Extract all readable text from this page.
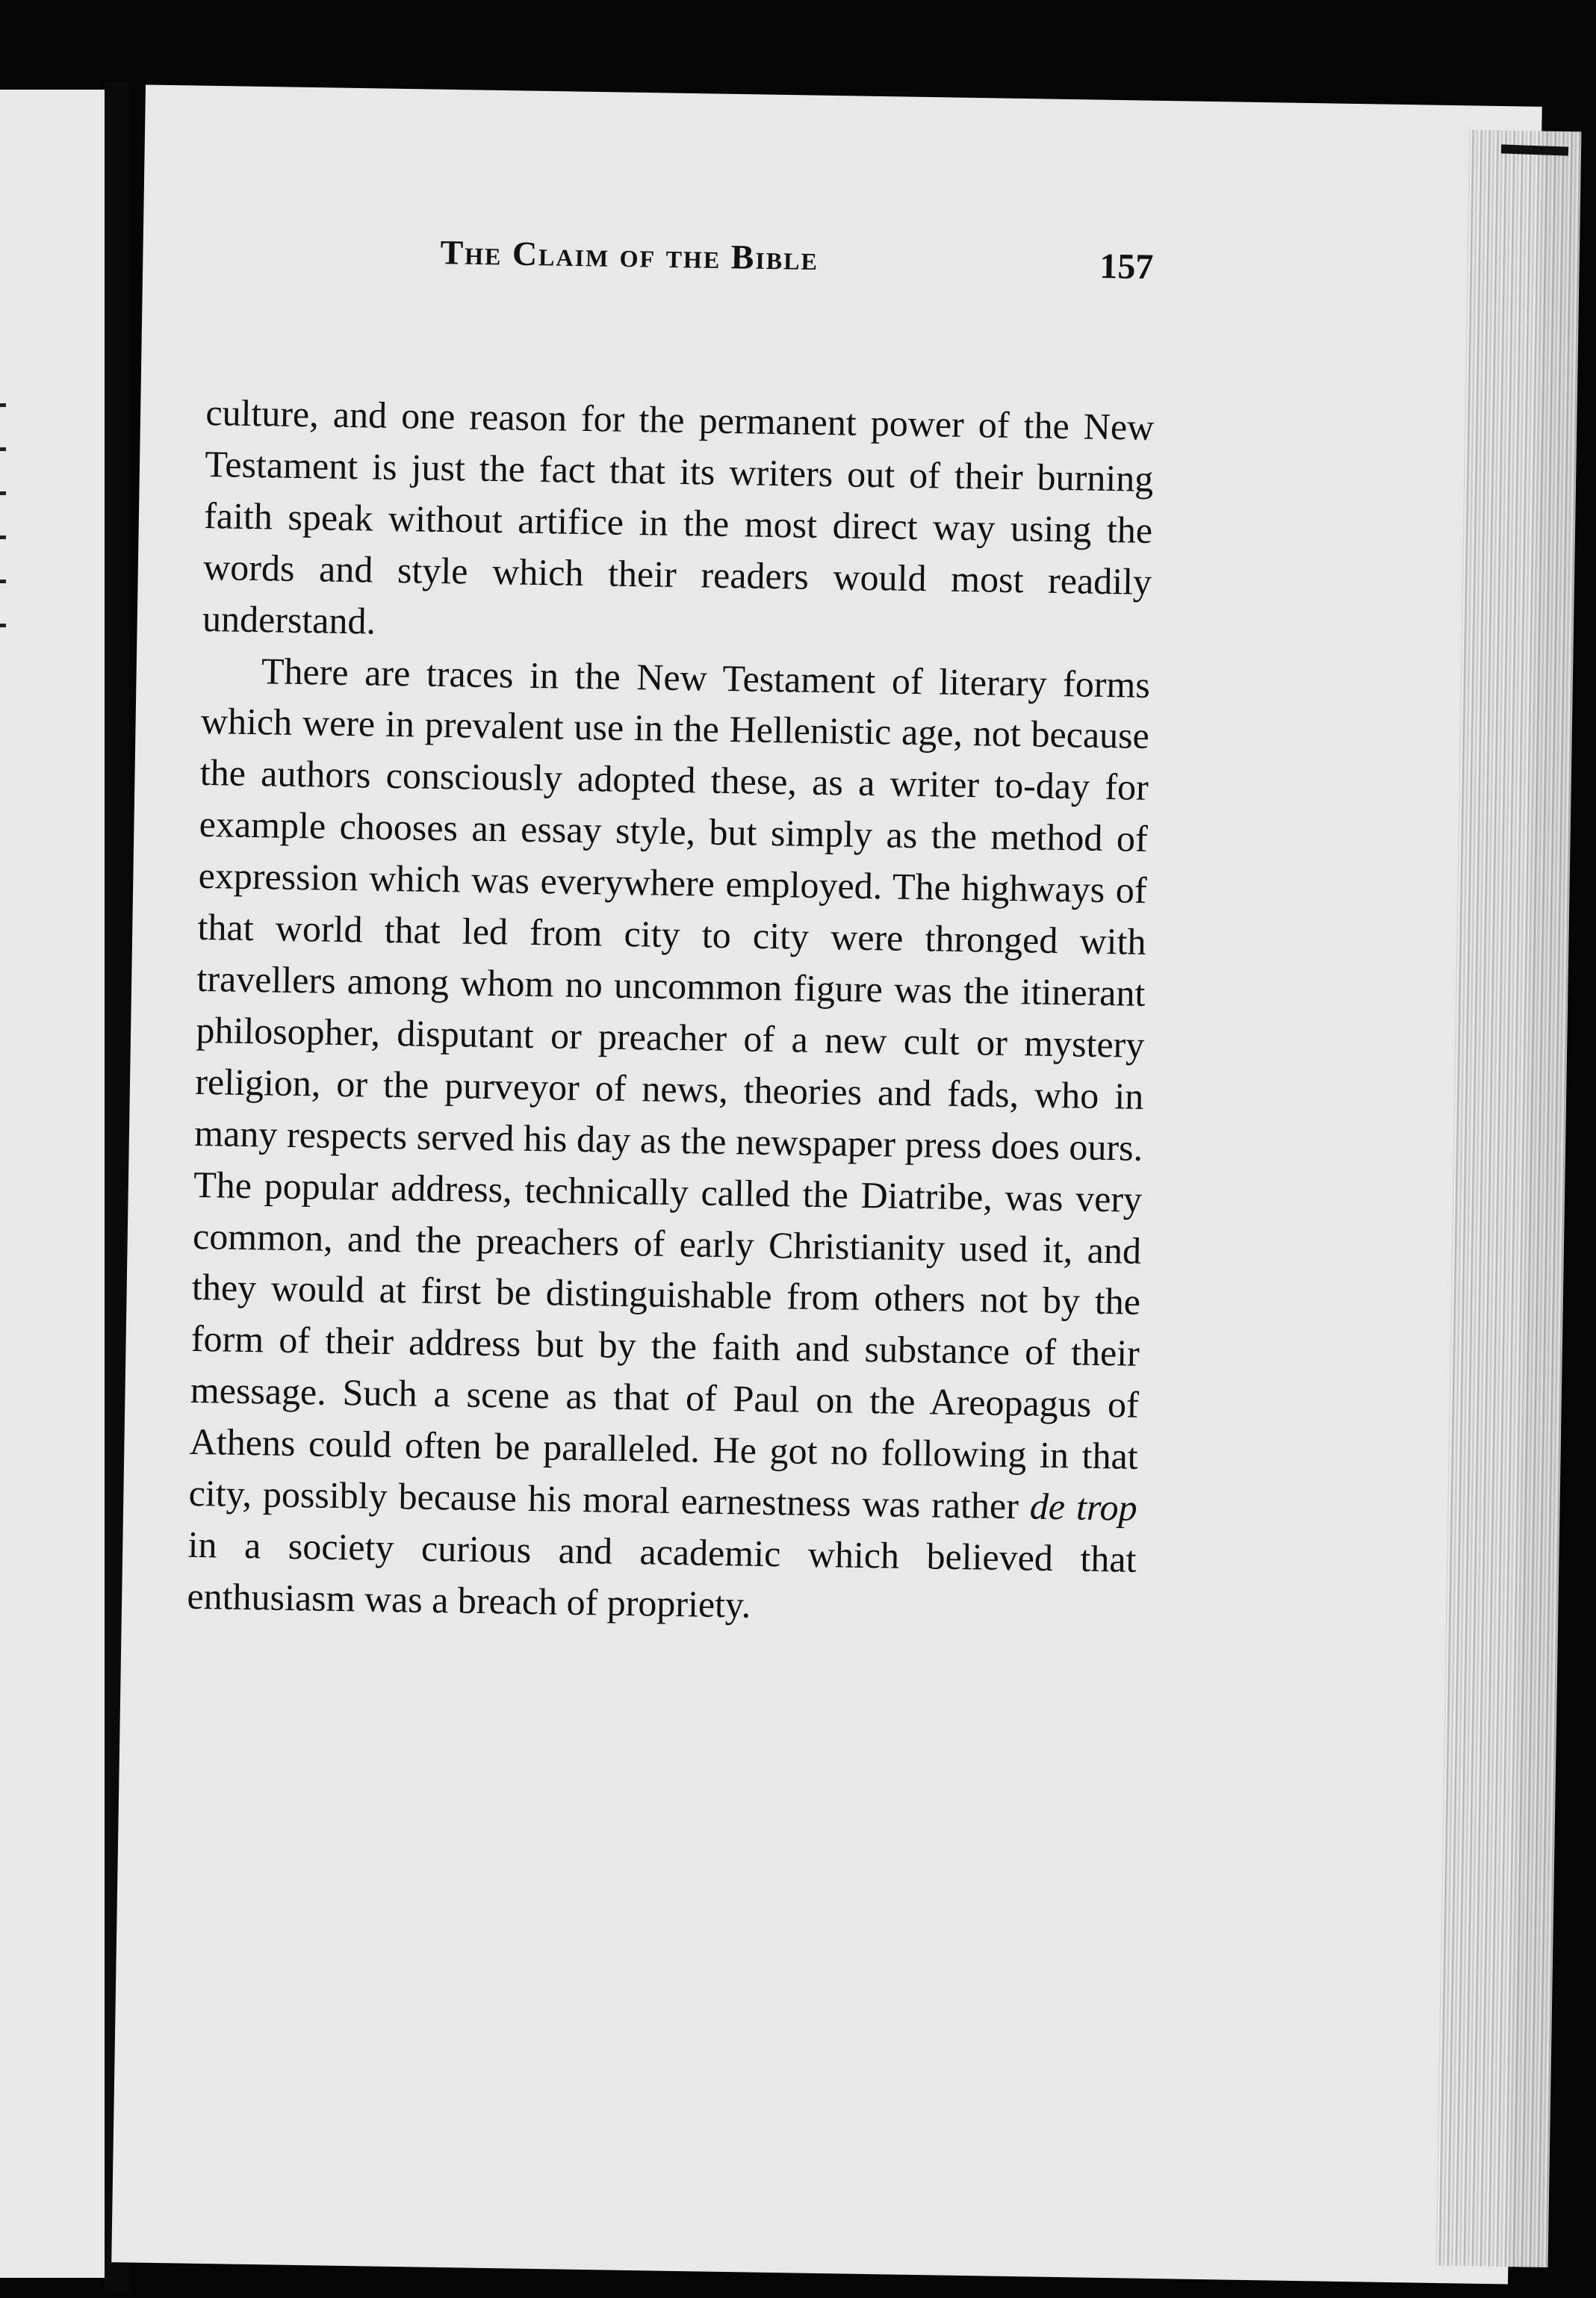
The Claim of the Bible	157

culture, and one reason for the permanent power of the New Testament is just the fact that its writers out of their burning faith speak without artifice in the most direct way using the words and style which their readers would most readily understand.

There are traces in the New Testament of literary forms which were in prevalent use in the Hellenistic age, not because the authors consciously adopted these, as a writer to-day for example chooses an essay style, but simply as the method of expression which was everywhere employed. The highways of that world that led from city to city were thronged with travellers among whom no uncommon figure was the itinerant philosopher, disputant or preacher of a new cult or mystery religion, or the purveyor of news, theories and fads, who in many respects served his day as the newspaper press does ours. The popular address, technically called the Diatribe, was very common, and the preachers of early Christianity used it, and they would at first be distinguishable from others not by the form of their address but by the faith and substance of their message. Such a scene as that of Paul on the Areopagus of Athens could often be paralleled. He got no following in that city, possibly because his moral earnestness was rather de trop in a society curious and academic which believed that enthusiasm was a breach of propriety.
